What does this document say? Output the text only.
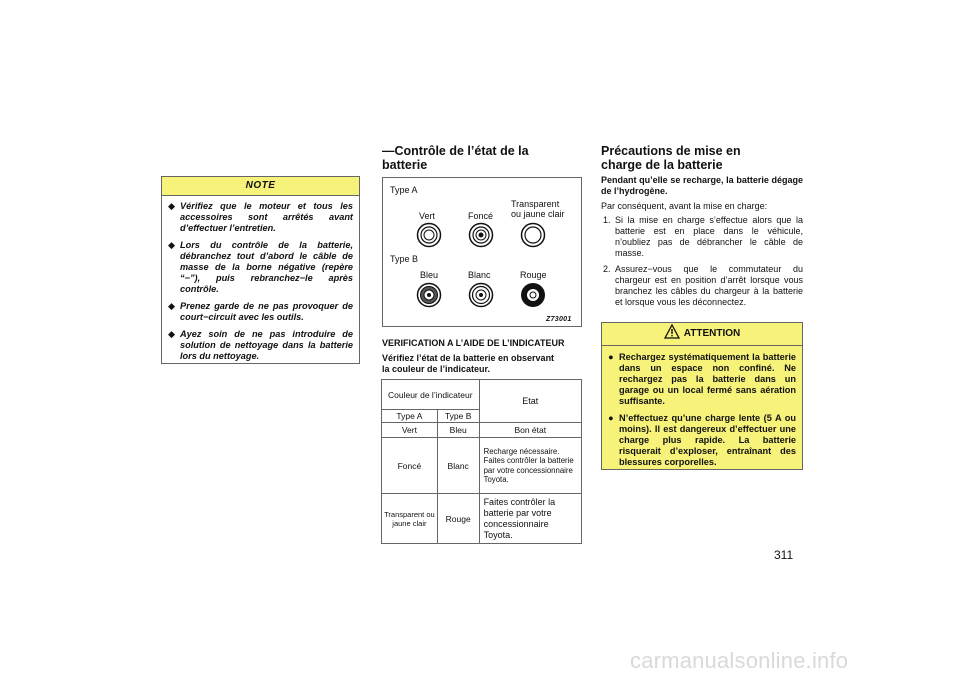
NOTE
◆ Vérifiez que le moteur et tous les accessoires sont arrêtés avant d’effectuer l’entretien.
◆ Lors du contrôle de la batterie, débranchez tout d’abord le câble de masse de la borne négative (repère “−”), puis rebranchez−le après contrôle.
◆ Prenez garde de ne pas provoquer de court−circuit avec les outils.
◆ Ayez soin de ne pas introduire de solution de nettoyage dans la batterie lors du nettoyage.
—Contrôle de l’état de la
batterie
Type A
Vert	Foncé
Transparent
ou jaune clair
Type B
Bleu	Blanc	Rouge
Z73001
VERIFICATION A L’AIDE DE L’INDICATEUR
Vérifiez l’état de la batterie en observant
la couleur de l’indicateur.
Couleur de l’indicateur		Etat
Type A	Type B	
Vert	Bleu	Bon état
Foncé	Blanc	Recharge nécessaire. Faites contrôler la batterie par votre concessionnaire Toyota.
Transparent ou jaune clair	Rouge	Faites contrôler la batterie par votre concessionnaire Toyota.
Précautions de mise en
charge de la batterie
Pendant qu’elle se recharge, la batterie dégage de l’hydrogène.
Par conséquent, avant la mise en charge:
1. Si la mise en charge s’effectue alors que la batterie est en place dans le véhicule, n’oubliez pas de débrancher le câble de masse.
2. Assurez−vous que le commutateur du chargeur est en position d’arrêt lorsque vous branchez les câbles du chargeur à la batterie et lorsque vous les déconnectez.
ATTENTION
● Rechargez systématiquement la batterie dans un espace non confiné. Ne rechargez pas la batterie dans un garage ou un local fermé sans aération suffisante.
● N’effectuez qu’une charge lente (5 A ou moins). Il est dangereux d’effectuer une charge plus rapide. La batterie risquerait d’exploser, entraînant des blessures corporelles.
311
carmanualsonline.info
